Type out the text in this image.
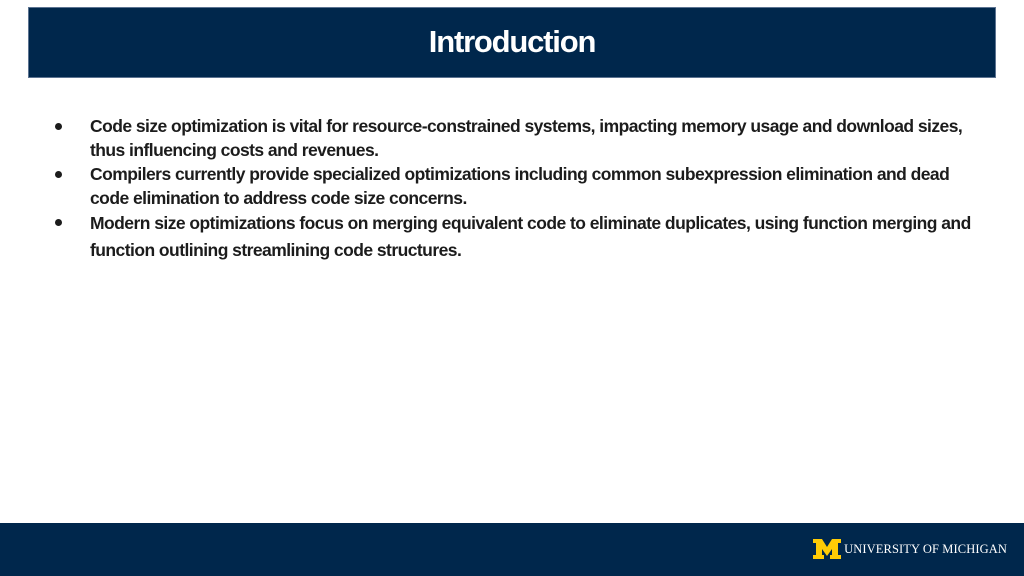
Introduction
Code size optimization is vital for resource-constrained systems, impacting memory usage and download sizes, thus influencing costs and revenues.
Compilers currently provide specialized optimizations including common subexpression elimination and dead code elimination to address code size concerns.
Modern size optimizations focus on merging equivalent code to eliminate duplicates, using function merging and function outlining streamlining code structures.
UNIVERSITY OF MICHIGAN
